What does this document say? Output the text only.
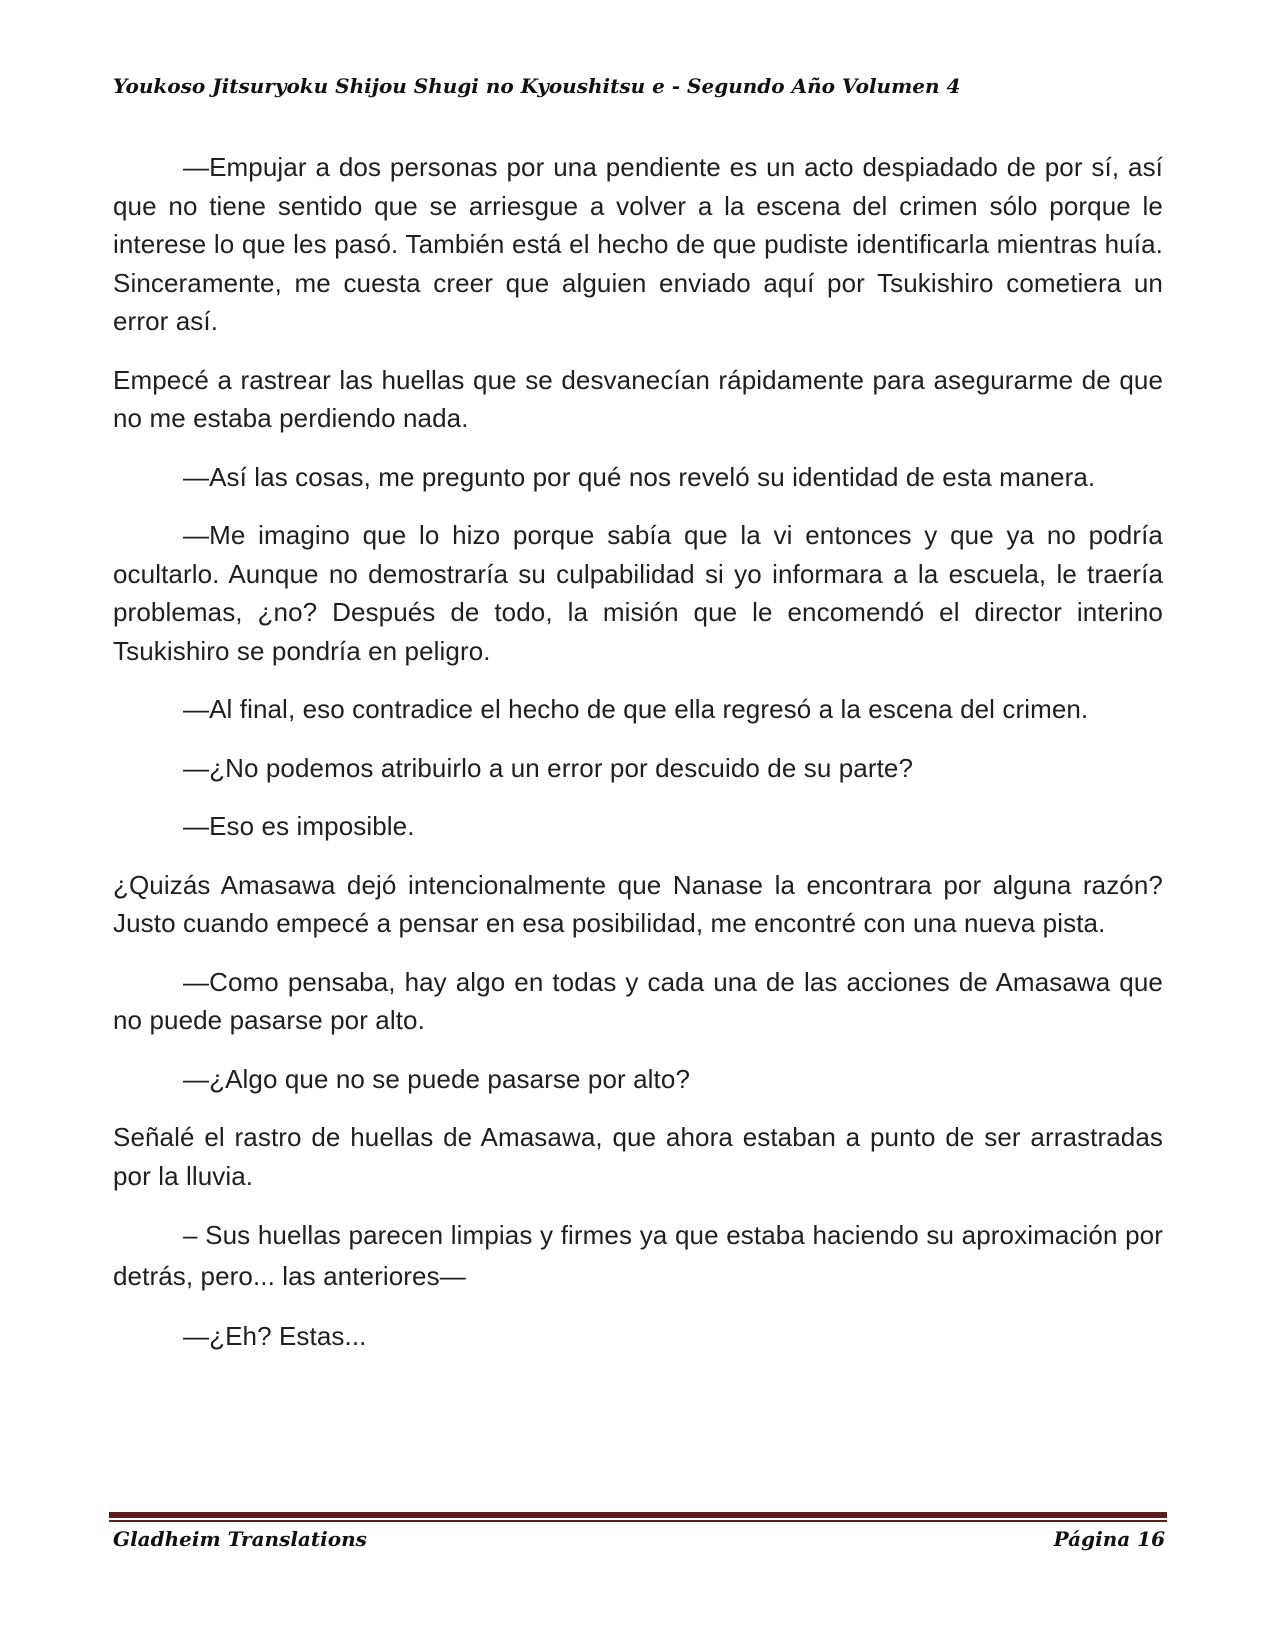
Youkoso Jitsuryoku Shijou Shugi no Kyoushitsu e - Segundo Año Volumen 4

—Empujar a dos personas por una pendiente es un acto despiadado de por sí, así que no tiene sentido que se arriesgue a volver a la escena del crimen sólo porque le interese lo que les pasó. También está el hecho de que pudiste identificarla mientras huía. Sinceramente, me cuesta creer que alguien enviado aquí por Tsukishiro cometiera un error así.

Empecé a rastrear las huellas que se desvanecían rápidamente para asegurarme de que no me estaba perdiendo nada.

—Así las cosas, me pregunto por qué nos reveló su identidad de esta manera.

—Me imagino que lo hizo porque sabía que la vi entonces y que ya no podría ocultarlo. Aunque no demostraría su culpabilidad si yo informara a la escuela, le traería problemas, ¿no? Después de todo, la misión que le encomendó el director interino Tsukishiro se pondría en peligro.

—Al final, eso contradice el hecho de que ella regresó a la escena del crimen.

—¿No podemos atribuirlo a un error por descuido de su parte?

—Eso es imposible.

¿Quizás Amasawa dejó intencionalmente que Nanase la encontrara por alguna razón? Justo cuando empecé a pensar en esa posibilidad, me encontré con una nueva pista.

—Como pensaba, hay algo en todas y cada una de las acciones de Amasawa que no puede pasarse por alto.

—¿Algo que no se puede pasarse por alto?

Señalé el rastro de huellas de Amasawa, que ahora estaban a punto de ser arrastradas por la lluvia.

– Sus huellas parecen limpias y firmes ya que estaba haciendo su aproximación por detrás, pero... las anteriores—

—¿Eh? Estas...

Gladheim Translations	Página 16
